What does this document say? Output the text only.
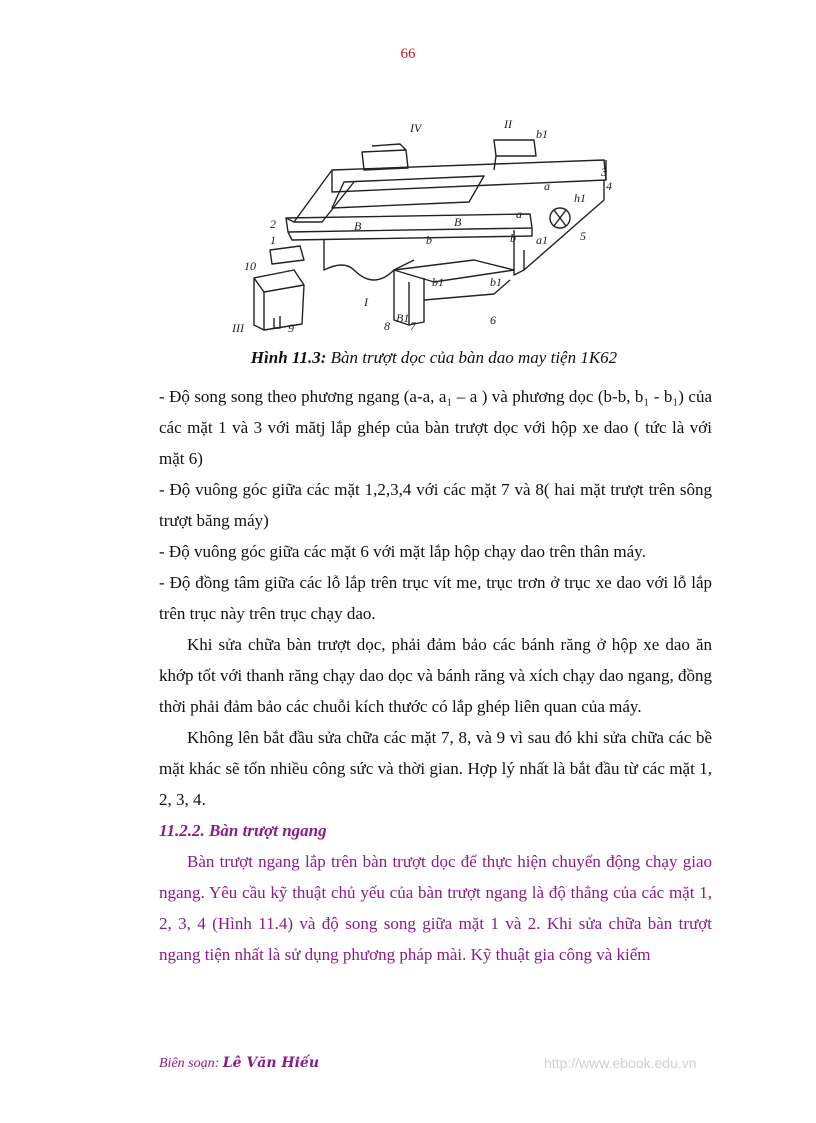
66
IV	II
b1
3
4
a
h1
2
1
B	B
b
a
a1	5
10
b1	b1
I
III	9	8
B1
7	6
b
Hình 11.3: Bàn trượt dọc của bàn dao may tiện 1K62

- Độ song song theo phương ngang (a-a, a₁ – a ) và phương dọc (b-b, b₁ - b₁) của các mặt 1 và 3 với mătj lắp ghép của bàn trượt dọc với hộp xe dao ( tức là với mặt 6)

- Độ vuông góc giữa các mặt 1,2,3,4 với các mặt 7 và 8( hai mặt trượt trên sông trượt băng máy)

- Độ vuông góc giữa các mặt 6 với mặt lắp hộp chạy dao trên thân máy.

- Độ đồng tâm giữa các lỗ lắp trên trục vít me, trục trơn ở trục xe dao với lỗ lắp trên trục này trên trục chạy dao.

Khi sửa chữa bàn trượt dọc, phải đảm bảo các bánh răng ở hộp xe dao ăn khớp tốt với thanh răng chạy dao dọc và bánh răng và xích chạy dao ngang, đồng thời phải đảm bảo các chuỗi kích thước có lắp ghép liên quan của máy.

Không lên bắt đầu sửa chữa các mặt 7, 8, và 9 vì sau đó khi sửa chữa các bề mặt khác sẽ tốn nhiều công sức và thời gian. Hợp lý nhất là bắt đầu từ các mặt 1, 2, 3, 4.

11.2.2. Bàn trượt ngang

Bàn trượt ngang lắp trên bàn trượt dọc để thực hiện chuyển động chạy giao ngang. Yêu cầu kỹ thuật chủ yếu của bàn trượt ngang là độ thẳng của các mặt 1, 2, 3, 4 (Hình 11.4) và độ song song giữa mặt 1 và 2. Khi sửa chữa bàn trượt ngang tiện nhất là sử dụng phương pháp mài. Kỹ thuật gia công và kiểm

Biên soạn: Lê Văn Hiếu	http://www.ebook.edu.vn
